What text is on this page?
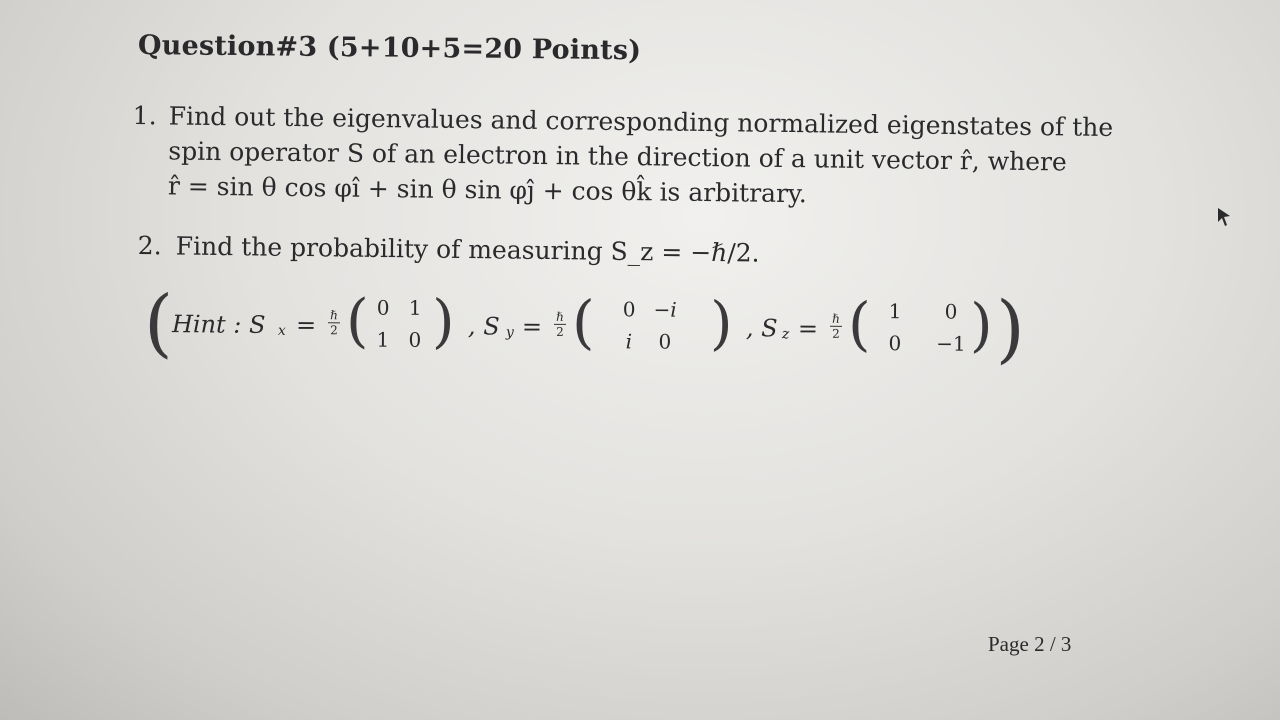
Question#3 (5+10+5=20 Points)
1. Find out the eigenvalues and corresponding normalized eigenstates of the
spin operator S of an electron in the direction of a unit vector r̂, where
r̂ = sin θ cos φî + sin θ sin φĵ + cos θk̂ is arbitrary.
2. Find the probability of measuring S_z = −ℏ/2.
(
Hint : S x = ℏ
2 ( 0 1
1 0 ) , S y = ℏ
2 (	0 −i
i	0 ) , S z = ℏ
2 ( 1	0
0	−1 ) )
Page 2 / 3
